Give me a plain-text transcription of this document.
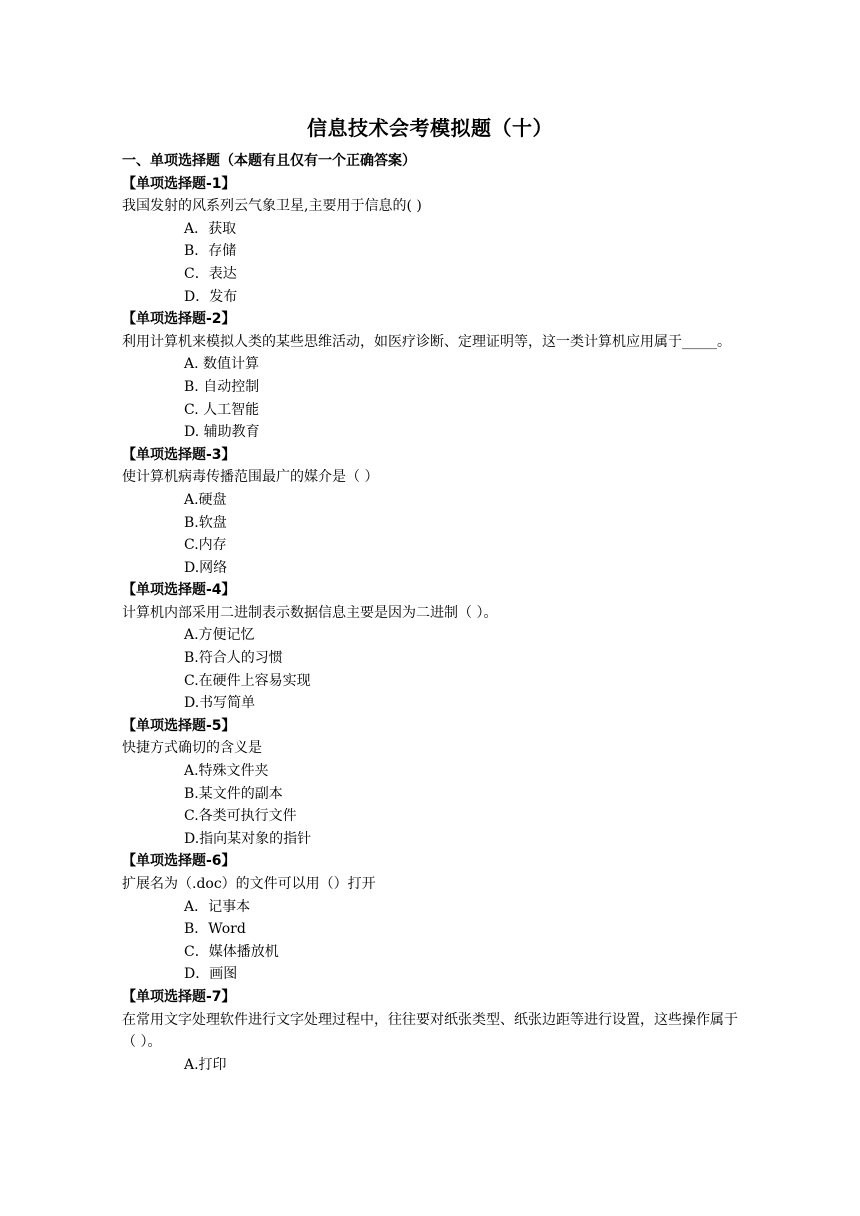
信息技术会考模拟题（十）
一、单项选择题（本题有且仅有一个正确答案）
【单项选择题-1】

我国发射的风系列云气象卫星,主要用于信息的( )

A．获取
B．存储
C．表达
D．发布
【单项选择题-2】

利用计算机来模拟人类的某些思维活动，如医疗诊断、定理证明等，这一类计算机应用属于_____。

A. 数值计算
B. 自动控制
C. 人工智能
D. 辅助教育
【单项选择题-3】

使计算机病毒传播范围最广的媒介是（ ）

A.硬盘
B.软盘
C.内存
D.网络
【单项选择题-4】

计算机内部采用二进制表示数据信息主要是因为二进制（ ）。

A.方便记忆
B.符合人的习惯
C.在硬件上容易实现
D.书写简单
【单项选择题-5】

快捷方式确切的含义是

A.特殊文件夹
B.某文件的副本
C.各类可执行文件
D.指向某对象的指针
【单项选择题-6】

扩展名为（.doc）的文件可以用（）打开

A．记事本
B．Word
C．媒体播放机
D．画图
【单项选择题-7】

在常用文字处理软件进行文字处理过程中，往往要对纸张类型、纸张边距等进行设置，这些操作属于（ ）。

A.打印
